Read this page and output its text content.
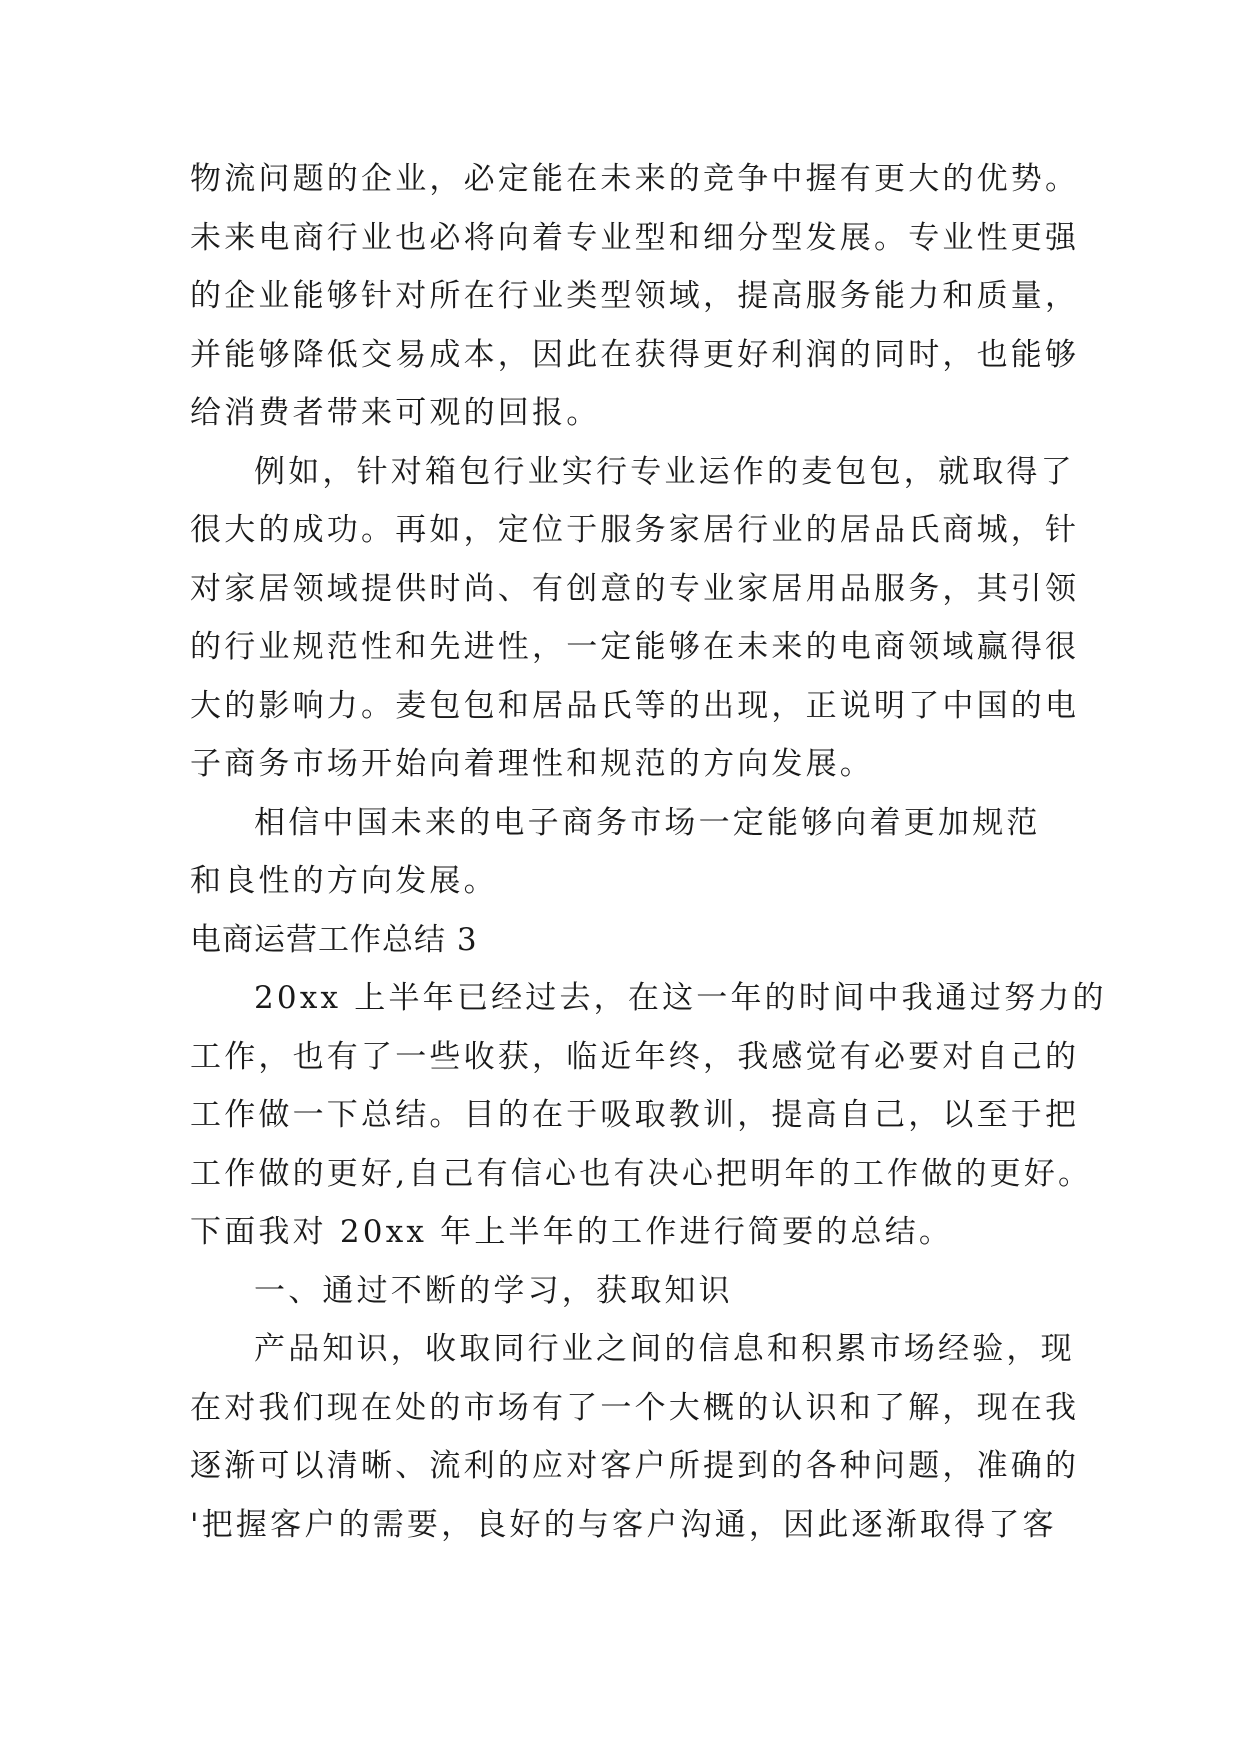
物流问题的企业，必定能在未来的竞争中握有更大的优势。
未来电商行业也必将向着专业型和细分型发展。专业性更强
的企业能够针对所在行业类型领域，提高服务能力和质量，
并能够降低交易成本，因此在获得更好利润的同时，也能够
给消费者带来可观的回报。
例如，针对箱包行业实行专业运作的麦包包，就取得了
很大的成功。再如，定位于服务家居行业的居品氏商城，针
对家居领域提供时尚、有创意的专业家居用品服务，其引领
的行业规范性和先进性，一定能够在未来的电商领域赢得很
大的影响力。麦包包和居品氏等的出现，正说明了中国的电
子商务市场开始向着理性和规范的方向发展。
相信中国未来的电子商务市场一定能够向着更加规范
和良性的方向发展。
电商运营工作总结 3
20xx 上半年已经过去，在这一年的时间中我通过努力的
工作，也有了一些收获，临近年终，我感觉有必要对自己的
工作做一下总结。目的在于吸取教训，提高自己，以至于把
工作做的更好,自己有信心也有决心把明年的工作做的更好。
下面我对 20xx 年上半年的工作进行简要的总结。
一、通过不断的学习，获取知识
产品知识，收取同行业之间的信息和积累市场经验，现
在对我们现在处的市场有了一个大概的认识和了解，现在我
逐渐可以清晰、流利的应对客户所提到的各种问题，准确的
'把握客户的需要，良好的与客户沟通，因此逐渐取得了客
